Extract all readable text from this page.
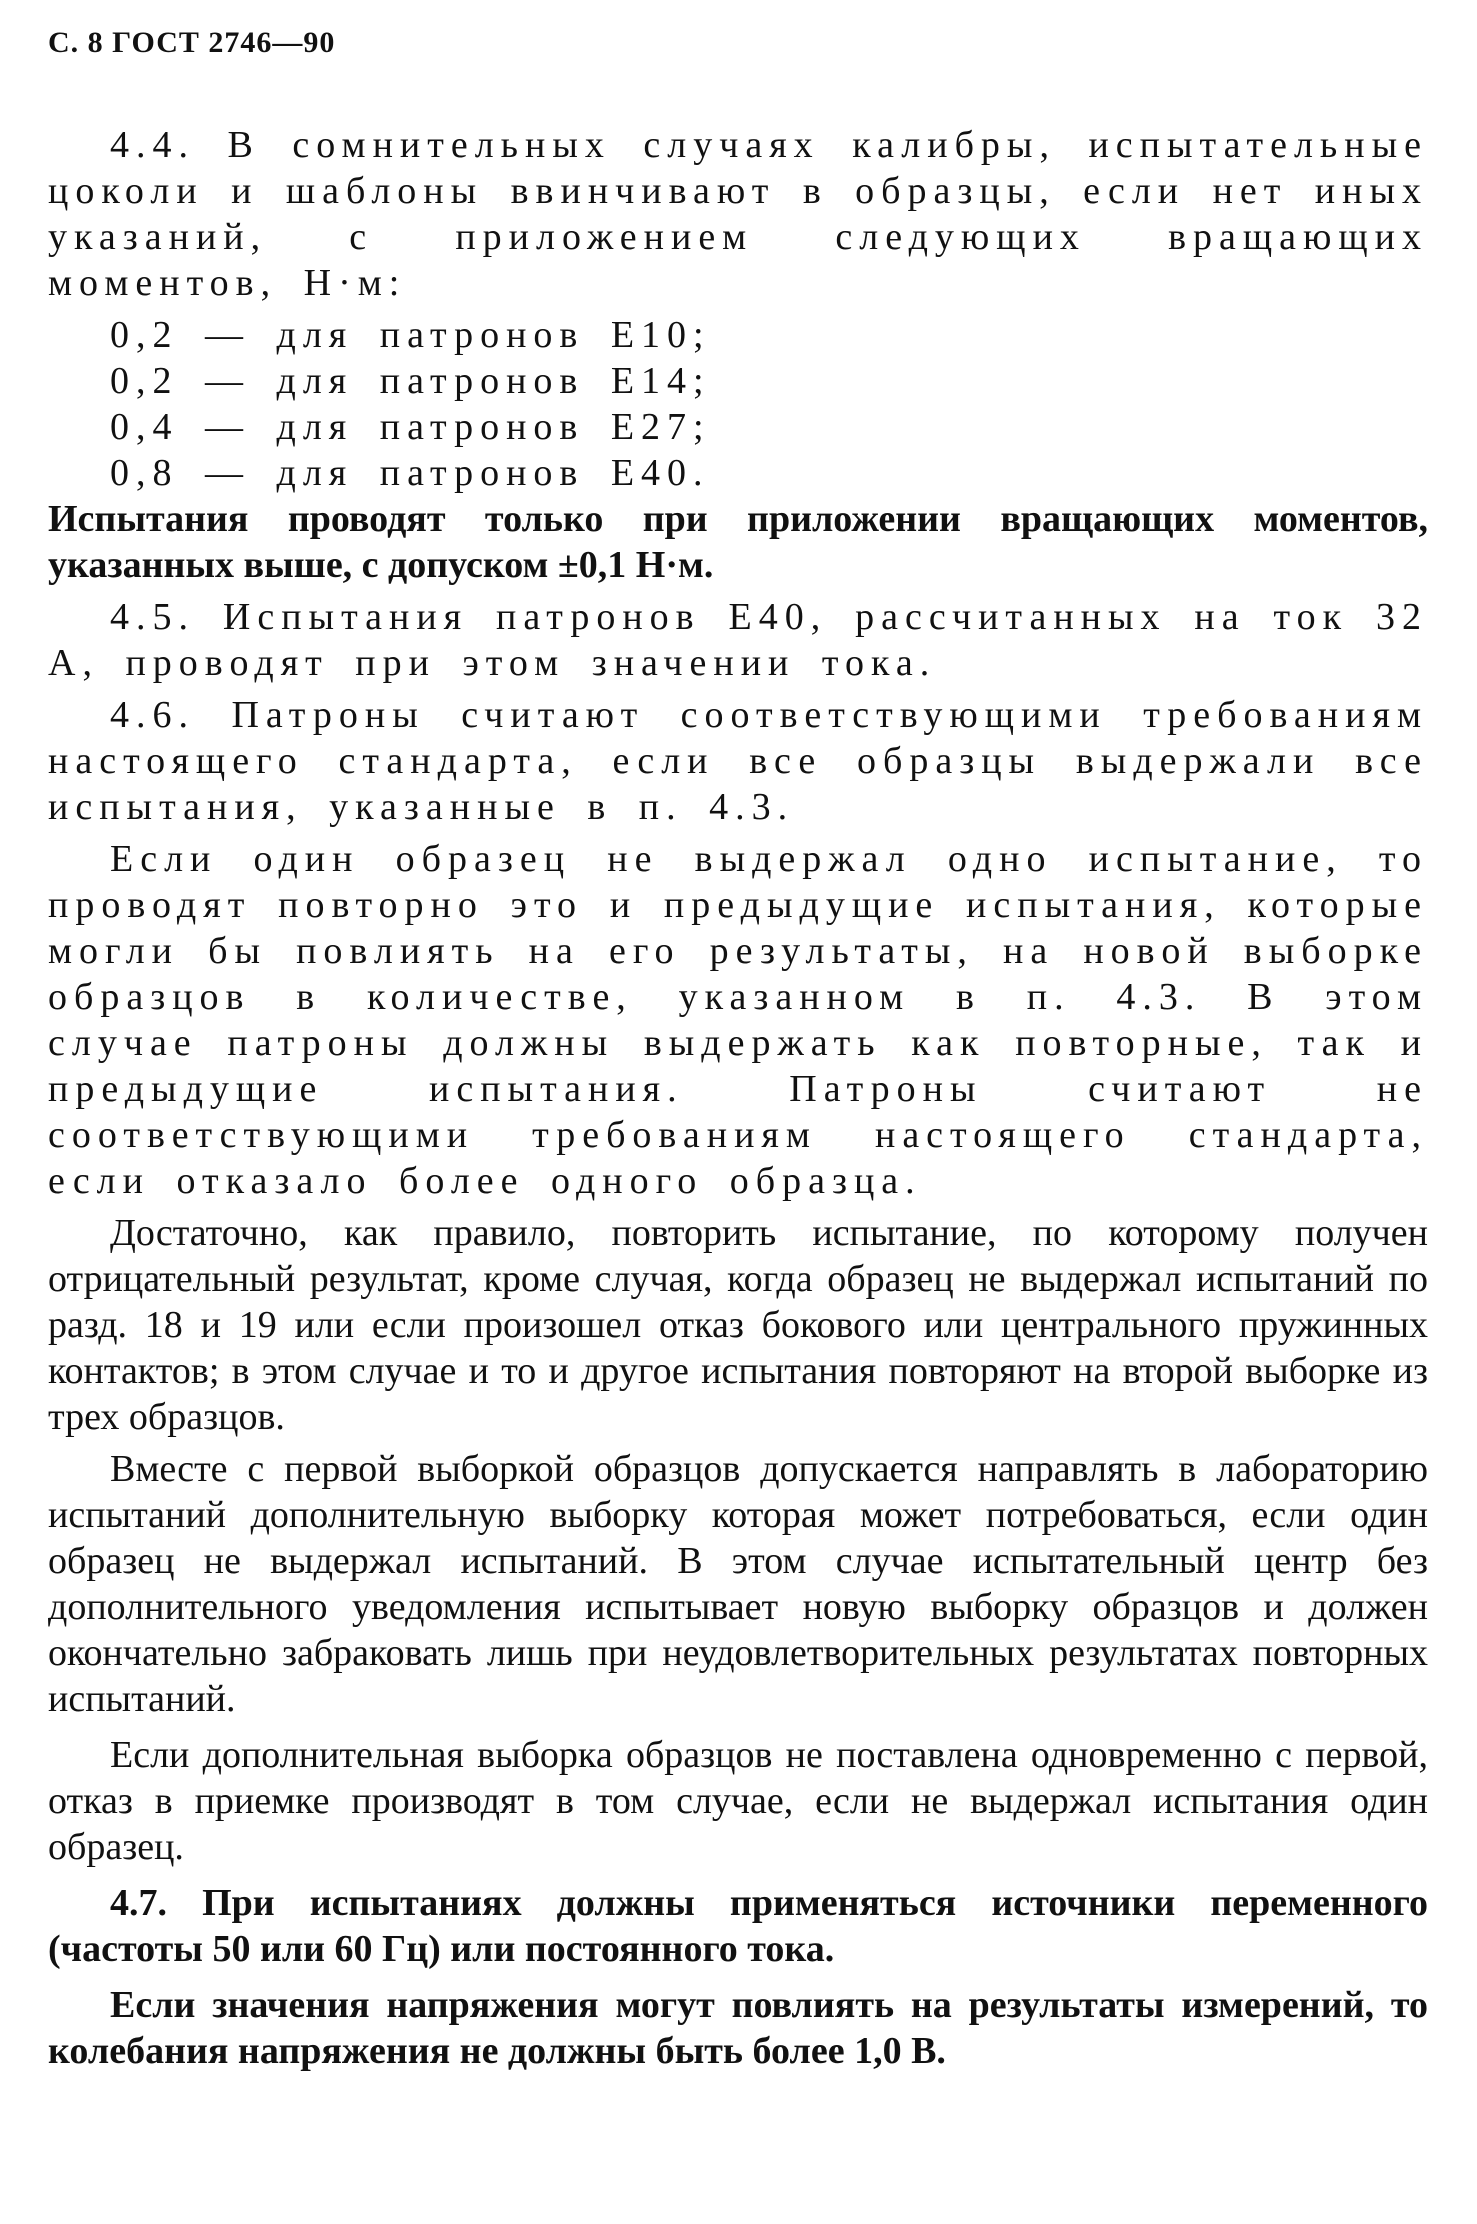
С. 8 ГОСТ 2746—90

4.4. В сомнительных случаях калибры, испытательные цоколи и шаблоны ввинчивают в образцы, если нет иных указаний, с приложением следующих вращающих моментов, Н·м:

0,2 — для патронов Е10;
0,2 — для патронов Е14;
0,4 — для патронов Е27;
0,8 — для патронов Е40.

Испытания проводят только при приложении вращающих моментов, указанных выше, с допуском ±0,1 Н·м.

4.5. Испытания патронов Е40, рассчитанных на ток 32 А, проводят при этом значении тока.

4.6. Патроны считают соответствующими требованиям настоящего стандарта, если все образцы выдержали все испытания, указанные в п. 4.3.

Если один образец не выдержал одно испытание, то проводят повторно это и предыдущие испытания, которые могли бы повлиять на его результаты, на новой выборке образцов в количестве, указанном в п. 4.3. В этом случае патроны должны выдержать как повторные, так и предыдущие испытания. Патроны считают не соответствующими требованиям настоящего стандарта, если отказало более одного образца.

Достаточно, как правило, повторить испытание, по которому получен отрицательный результат, кроме случая, когда образец не выдержал испытаний по разд. 18 и 19 или если произошел отказ бокового или центрального пружинных контактов; в этом случае и то и другое испытания повторяют на второй выборке из трех образцов.

Вместе с первой выборкой образцов допускается направлять в лабораторию испытаний дополнительную выборку которая может потребоваться, если один образец не выдержал испытаний. В этом случае испытательный центр без дополнительного уведомления испытывает новую выборку образцов и должен окончательно забраковать лишь при неудовлетворительных результатах повторных испытаний.

Если дополнительная выборка образцов не поставлена одновременно с первой, отказ в приемке производят в том случае, если не выдержал испытания один образец.

4.7. При испытаниях должны применяться источники переменного (частоты 50 или 60 Гц) или постоянного тока.

Если значения напряжения могут повлиять на результаты измерений, то колебания напряжения не должны быть более 1,0 В.
